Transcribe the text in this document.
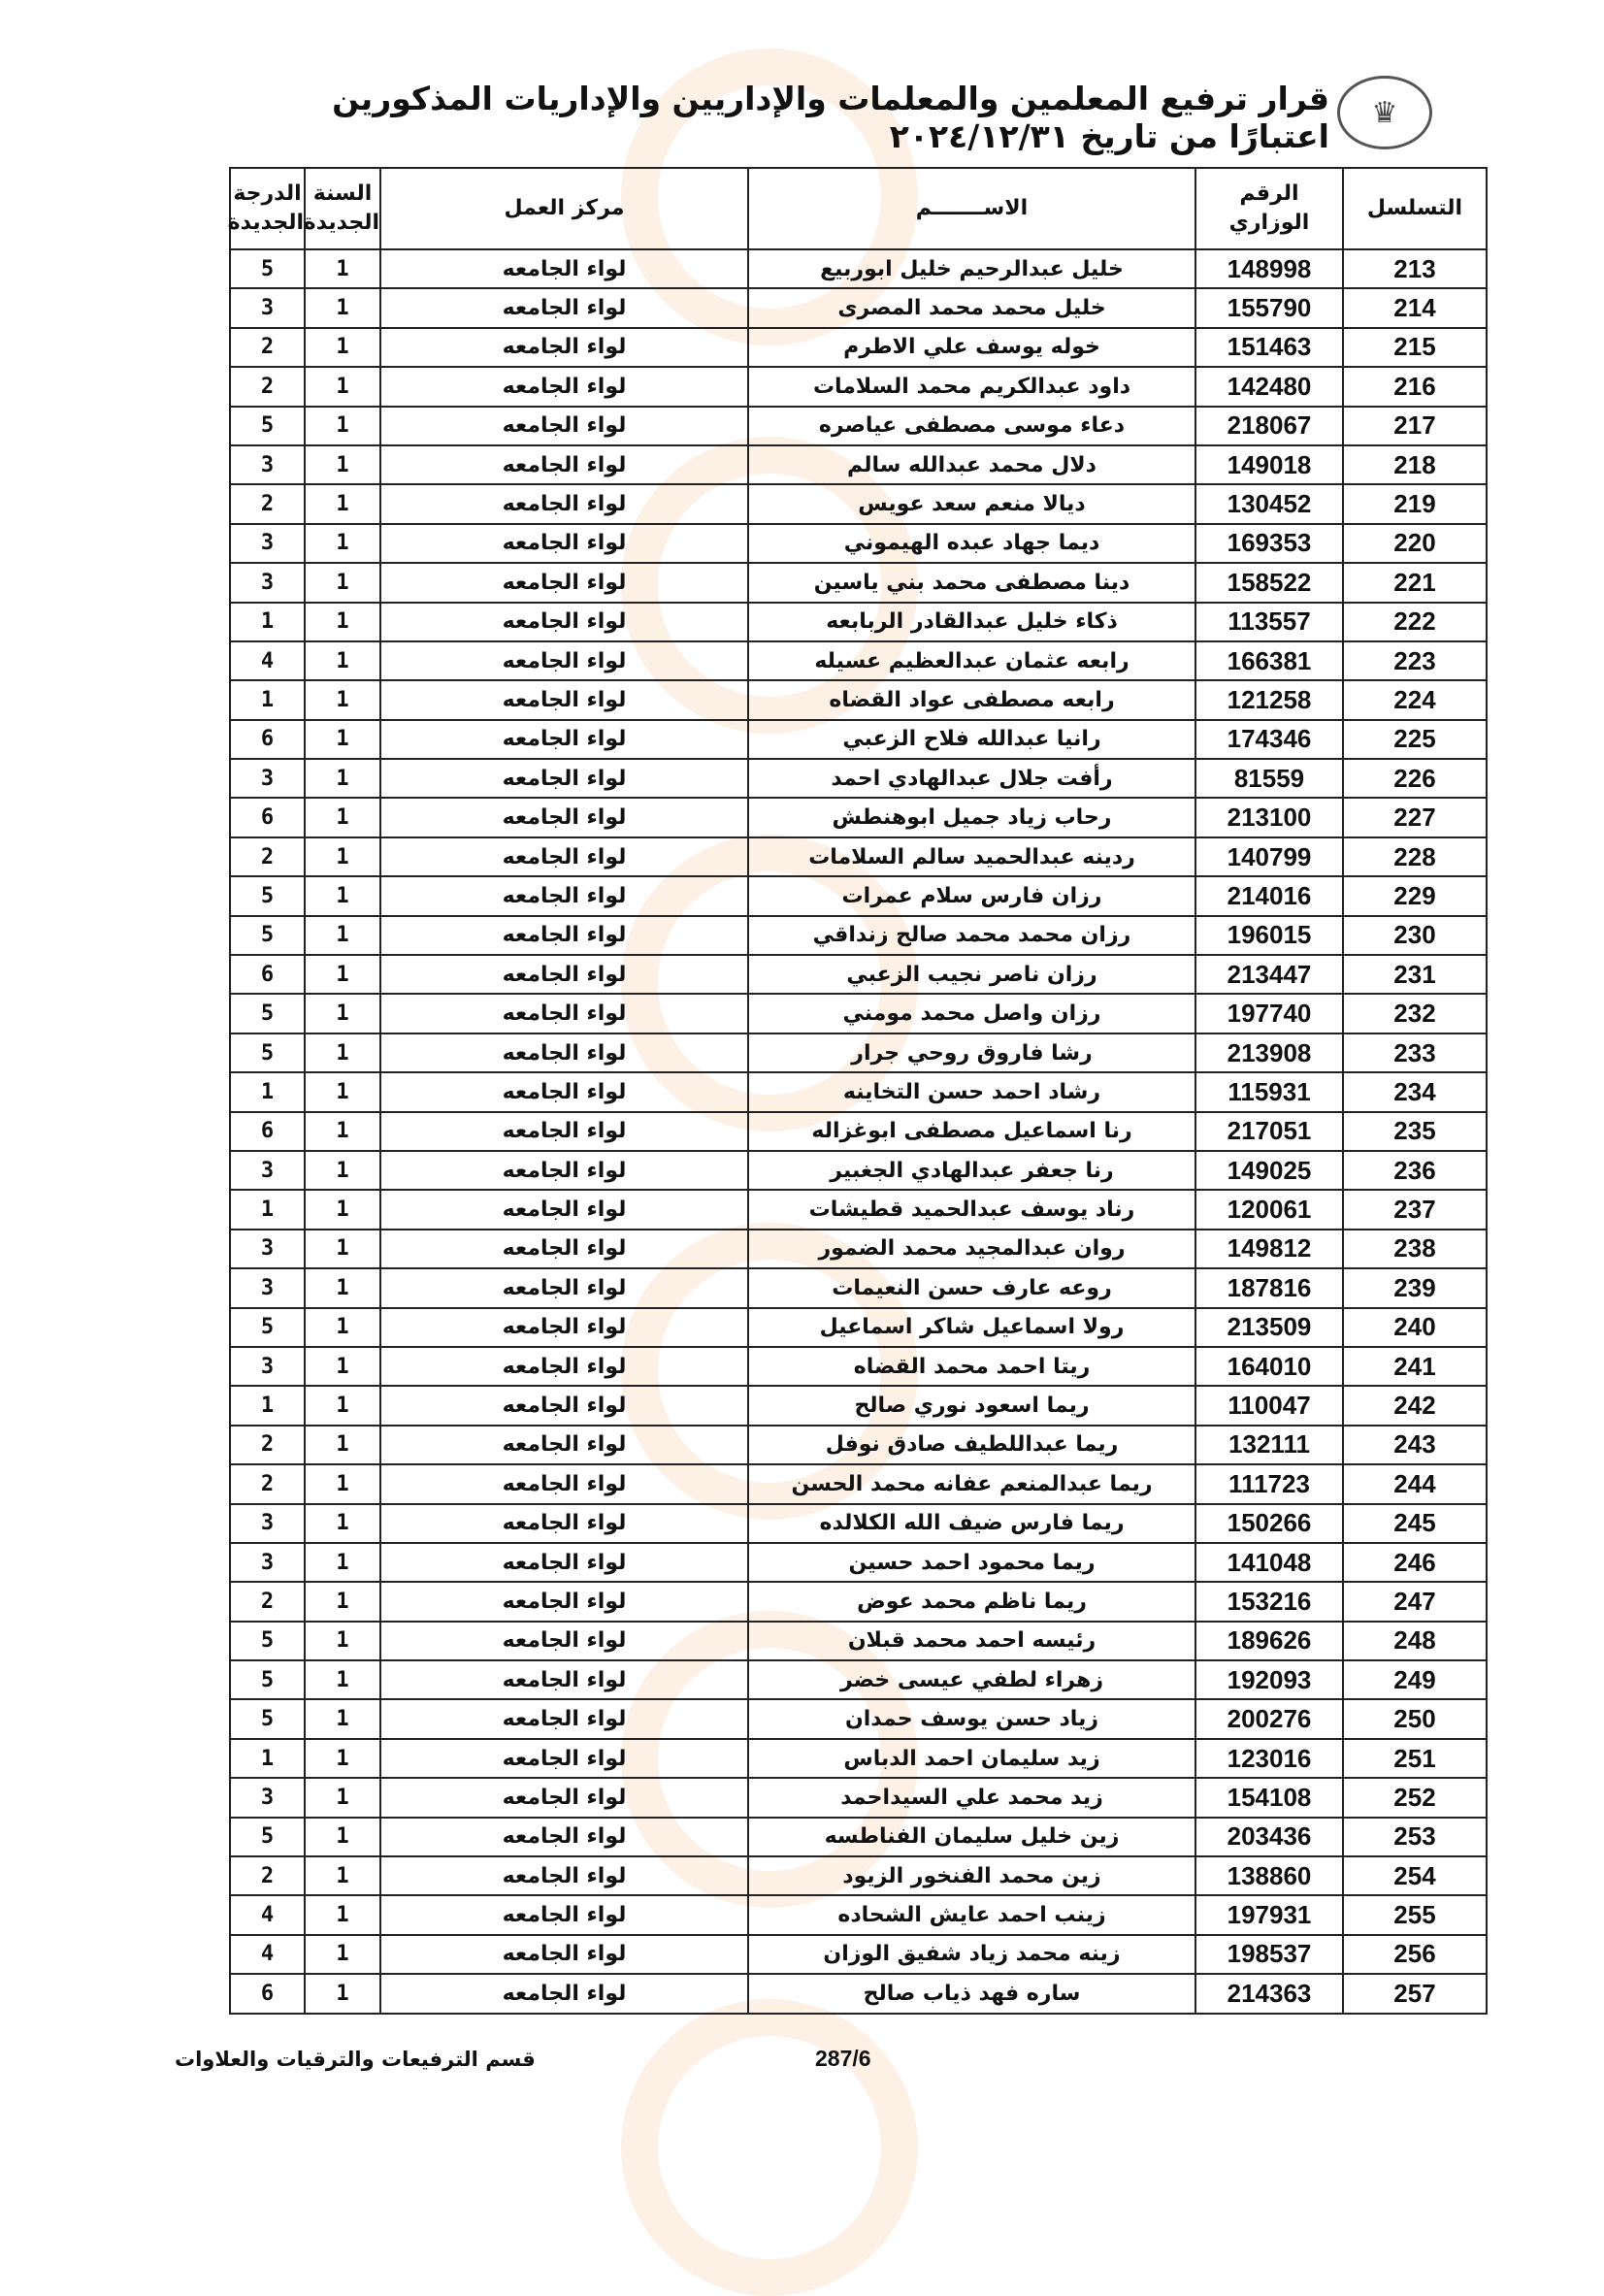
♛
قرار ترفيع المعلمين والمعلمات والإداريين والإداريات المذكورين اعتبارًا من تاريخ ٢٠٢٤/١٢/٣١
التسلسل	الرقم الوزاري	الاســـــــم	مركز العمل	السنة الجديدة	الدرجة الجديدة
213	148998	خليل عبدالرحيم خليل ابوربيع	لواء الجامعه	1	5
214	155790	خليل محمد محمد المصرى	لواء الجامعه	1	3
215	151463	خوله يوسف علي الاطرم	لواء الجامعه	1	2
216	142480	داود عبدالكريم محمد السلامات	لواء الجامعه	1	2
217	218067	دعاء موسى مصطفى عياصره	لواء الجامعه	1	5
218	149018	دلال محمد عبدالله سالم	لواء الجامعه	1	3
219	130452	ديالا منعم سعد عويس	لواء الجامعه	1	2
220	169353	ديما جهاد عبده الهيموني	لواء الجامعه	1	3
221	158522	دينا مصطفى محمد بني ياسين	لواء الجامعه	1	3
222	113557	ذكاء خليل عبدالقادر الربابعه	لواء الجامعه	1	1
223	166381	رابعه عثمان عبدالعظيم عسيله	لواء الجامعه	1	4
224	121258	رابعه مصطفى عواد القضاه	لواء الجامعه	1	1
225	174346	رانيا عبدالله فلاح الزعبي	لواء الجامعه	1	6
226	81559	رأفت جلال عبدالهادي احمد	لواء الجامعه	1	3
227	213100	رحاب زياد جميل ابوهنطش	لواء الجامعه	1	6
228	140799	ردينه عبدالحميد سالم السلامات	لواء الجامعه	1	2
229	214016	رزان فارس سلام عمرات	لواء الجامعه	1	5
230	196015	رزان محمد محمد صالح زنداقي	لواء الجامعه	1	5
231	213447	رزان ناصر نجيب الزعبي	لواء الجامعه	1	6
232	197740	رزان واصل محمد مومني	لواء الجامعه	1	5
233	213908	رشا فاروق روحي جرار	لواء الجامعه	1	5
234	115931	رشاد احمد حسن التخاينه	لواء الجامعه	1	1
235	217051	رنا اسماعيل مصطفى ابوغزاله	لواء الجامعه	1	6
236	149025	رنا جعفر عبدالهادي الجغبير	لواء الجامعه	1	3
237	120061	رناد يوسف عبدالحميد قطيشات	لواء الجامعه	1	1
238	149812	روان عبدالمجيد محمد الضمور	لواء الجامعه	1	3
239	187816	روعه عارف حسن النعيمات	لواء الجامعه	1	3
240	213509	رولا اسماعيل شاكر اسماعيل	لواء الجامعه	1	5
241	164010	ريتا احمد محمد القضاه	لواء الجامعه	1	3
242	110047	ريما اسعود نوري صالح	لواء الجامعه	1	1
243	132111	ريما عبداللطيف صادق نوفل	لواء الجامعه	1	2
244	111723	ريما عبدالمنعم عفانه محمد الحسن	لواء الجامعه	1	2
245	150266	ريما فارس ضيف الله الكلالده	لواء الجامعه	1	3
246	141048	ريما محمود احمد حسين	لواء الجامعه	1	3
247	153216	ريما ناظم محمد عوض	لواء الجامعه	1	2
248	189626	رئيسه احمد محمد قبلان	لواء الجامعه	1	5
249	192093	زهراء لطفي عيسى خضر	لواء الجامعه	1	5
250	200276	زياد حسن يوسف حمدان	لواء الجامعه	1	5
251	123016	زيد سليمان احمد الدباس	لواء الجامعه	1	1
252	154108	زيد محمد علي السيداحمد	لواء الجامعه	1	3
253	203436	زين خليل سليمان الفناطسه	لواء الجامعه	1	5
254	138860	زين محمد الفنخور الزيود	لواء الجامعه	1	2
255	197931	زينب احمد عايش الشحاده	لواء الجامعه	1	4
256	198537	زينه محمد زياد شفيق الوزان	لواء الجامعه	1	4
257	214363	ساره فهد ذياب صالح	لواء الجامعه	1	6
287/6
قسم الترفيعات والترقيات والعلاوات
